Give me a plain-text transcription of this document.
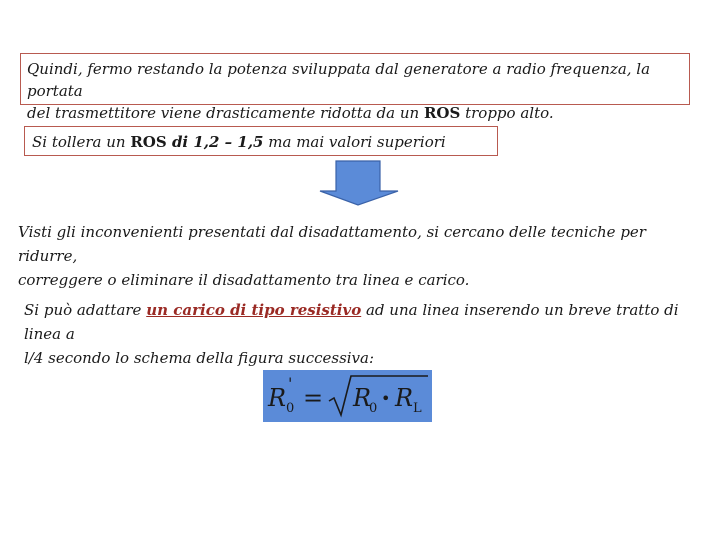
Quindi, fermo restando la potenza sviluppata dal generatore a radio frequenza, la portata
del trasmettitore viene drasticamente ridotta da un ROS troppo alto.
Si tollera un ROS di 1,2 – 1,5 ma mai valori superiori
Visti gli inconvenienti presentati dal disadattamento, si cercano delle tecniche per ridurre,
correggere o eliminare il disadattamento tra linea e carico.
Si può adattare un carico di tipo resistivo ad una linea inserendo un breve tratto di linea a
l/4 secondo lo schema della figura successiva:
R
'
0 = R
0
• R L
